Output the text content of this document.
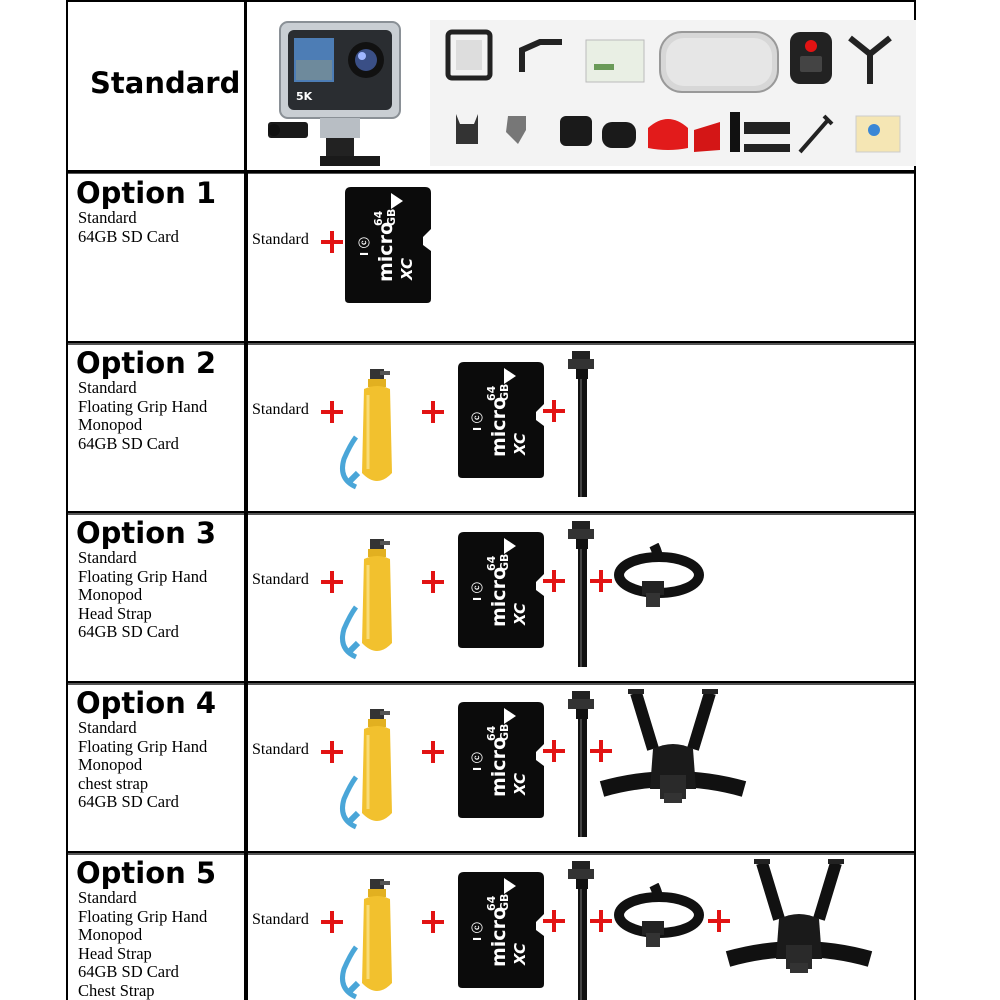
Standard	5K
Option 1
Standard
64GB SD Card	Standard
Option 2
Standard
Floating Grip Hand
Monopod
64GB SD Card
Standard
Option 3
Standard
Floating Grip Hand
Monopod
Head Strap
64GB SD Card
Standard
Option 4
Standard
Floating Grip Hand
Monopod
chest strap
64GB SD Card
Standard
Option 5
Standard
Floating Grip Hand
Monopod
Head Strap
64GB SD Card
Chest Strap
Standard
